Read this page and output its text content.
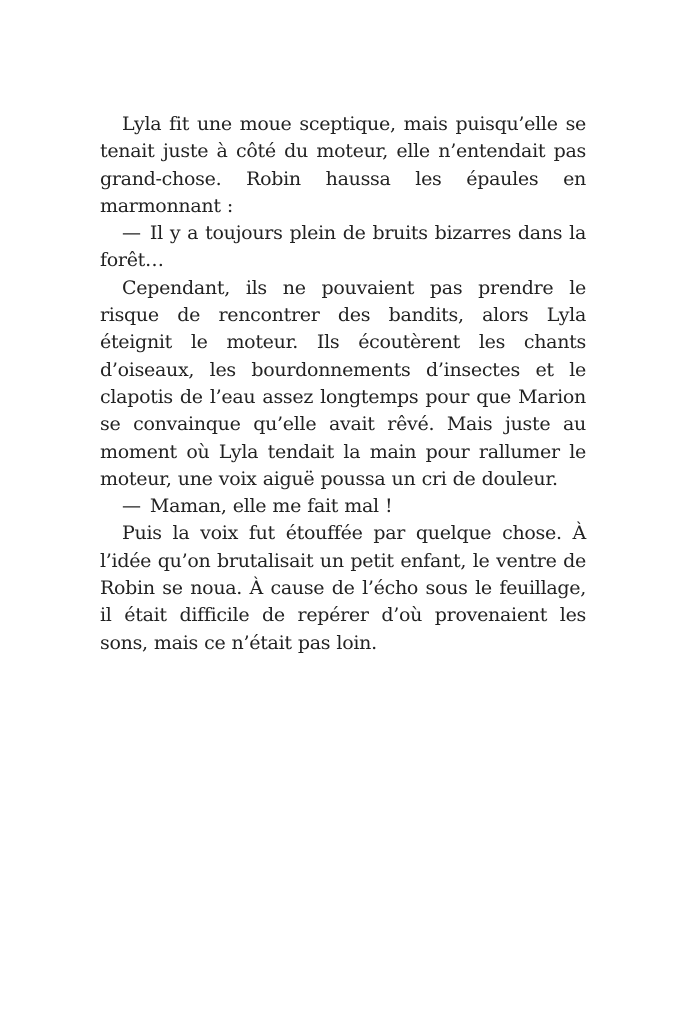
Lyla fit une moue sceptique, mais puisqu’elle se tenait juste à côté du moteur, elle n’entendait pas grand-chose. Robin haussa les épaules en marmonnant :

— Il y a toujours plein de bruits bizarres dans la forêt…

Cependant, ils ne pouvaient pas prendre le risque de rencontrer des bandits, alors Lyla éteignit le moteur. Ils écoutèrent les chants d’oiseaux, les bourdonnements d’insectes et le clapotis de l’eau assez longtemps pour que Marion se convainque qu’elle avait rêvé. Mais juste au moment où Lyla tendait la main pour rallumer le moteur, une voix aiguë poussa un cri de douleur.

— Maman, elle me fait mal !

Puis la voix fut étouffée par quelque chose. À l’idée qu’on brutalisait un petit enfant, le ventre de Robin se noua. À cause de l’écho sous le feuillage, il était difficile de repérer d’où provenaient les sons, mais ce n’était pas loin.
